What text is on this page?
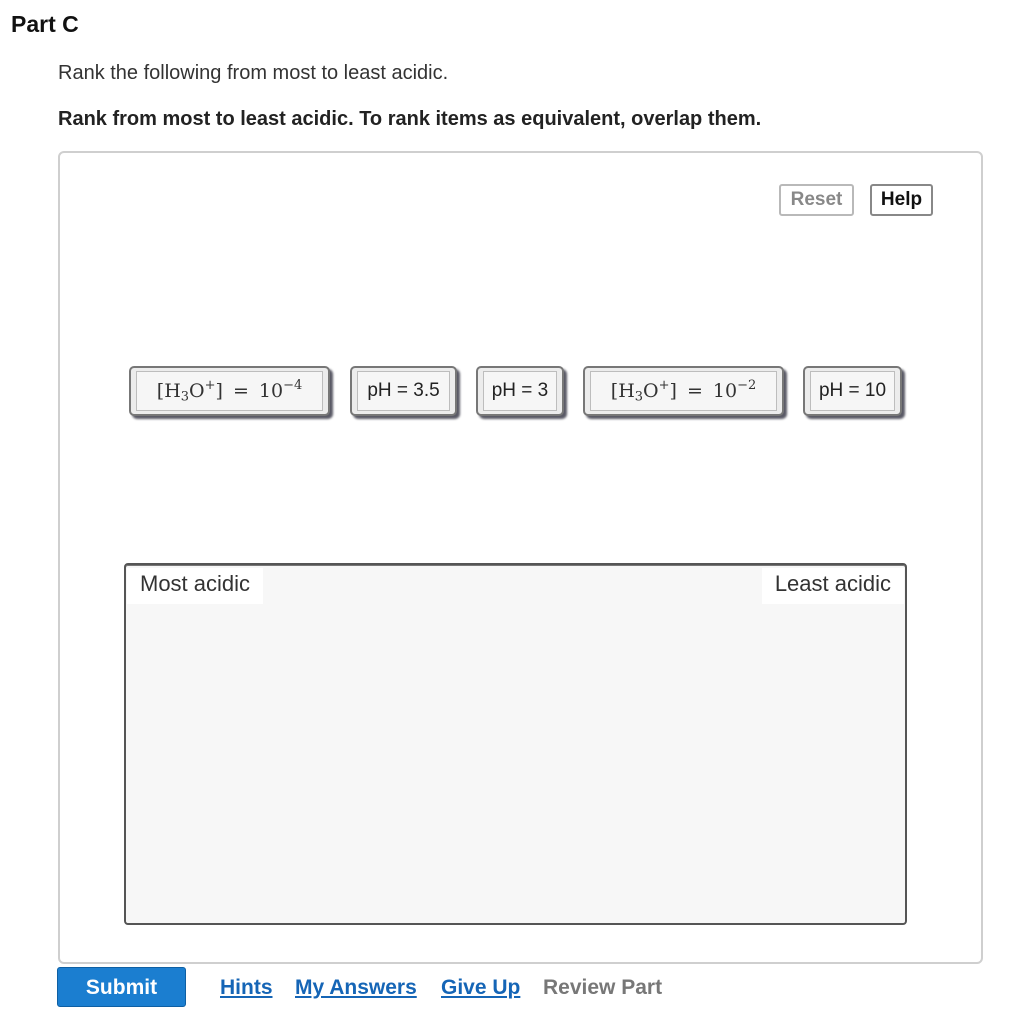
Part C
Rank the following from most to least acidic.
Rank from most to least acidic. To rank items as equivalent, overlap them.
Reset	Help
$[H_3O^+] = 10^{-4}$	pH = 3.5	pH = 3	$[H_3O^+] = 10^{-2}$	pH = 10
Most acidic	Least acidic
Submit	Hints My Answers Give Up Review Part
